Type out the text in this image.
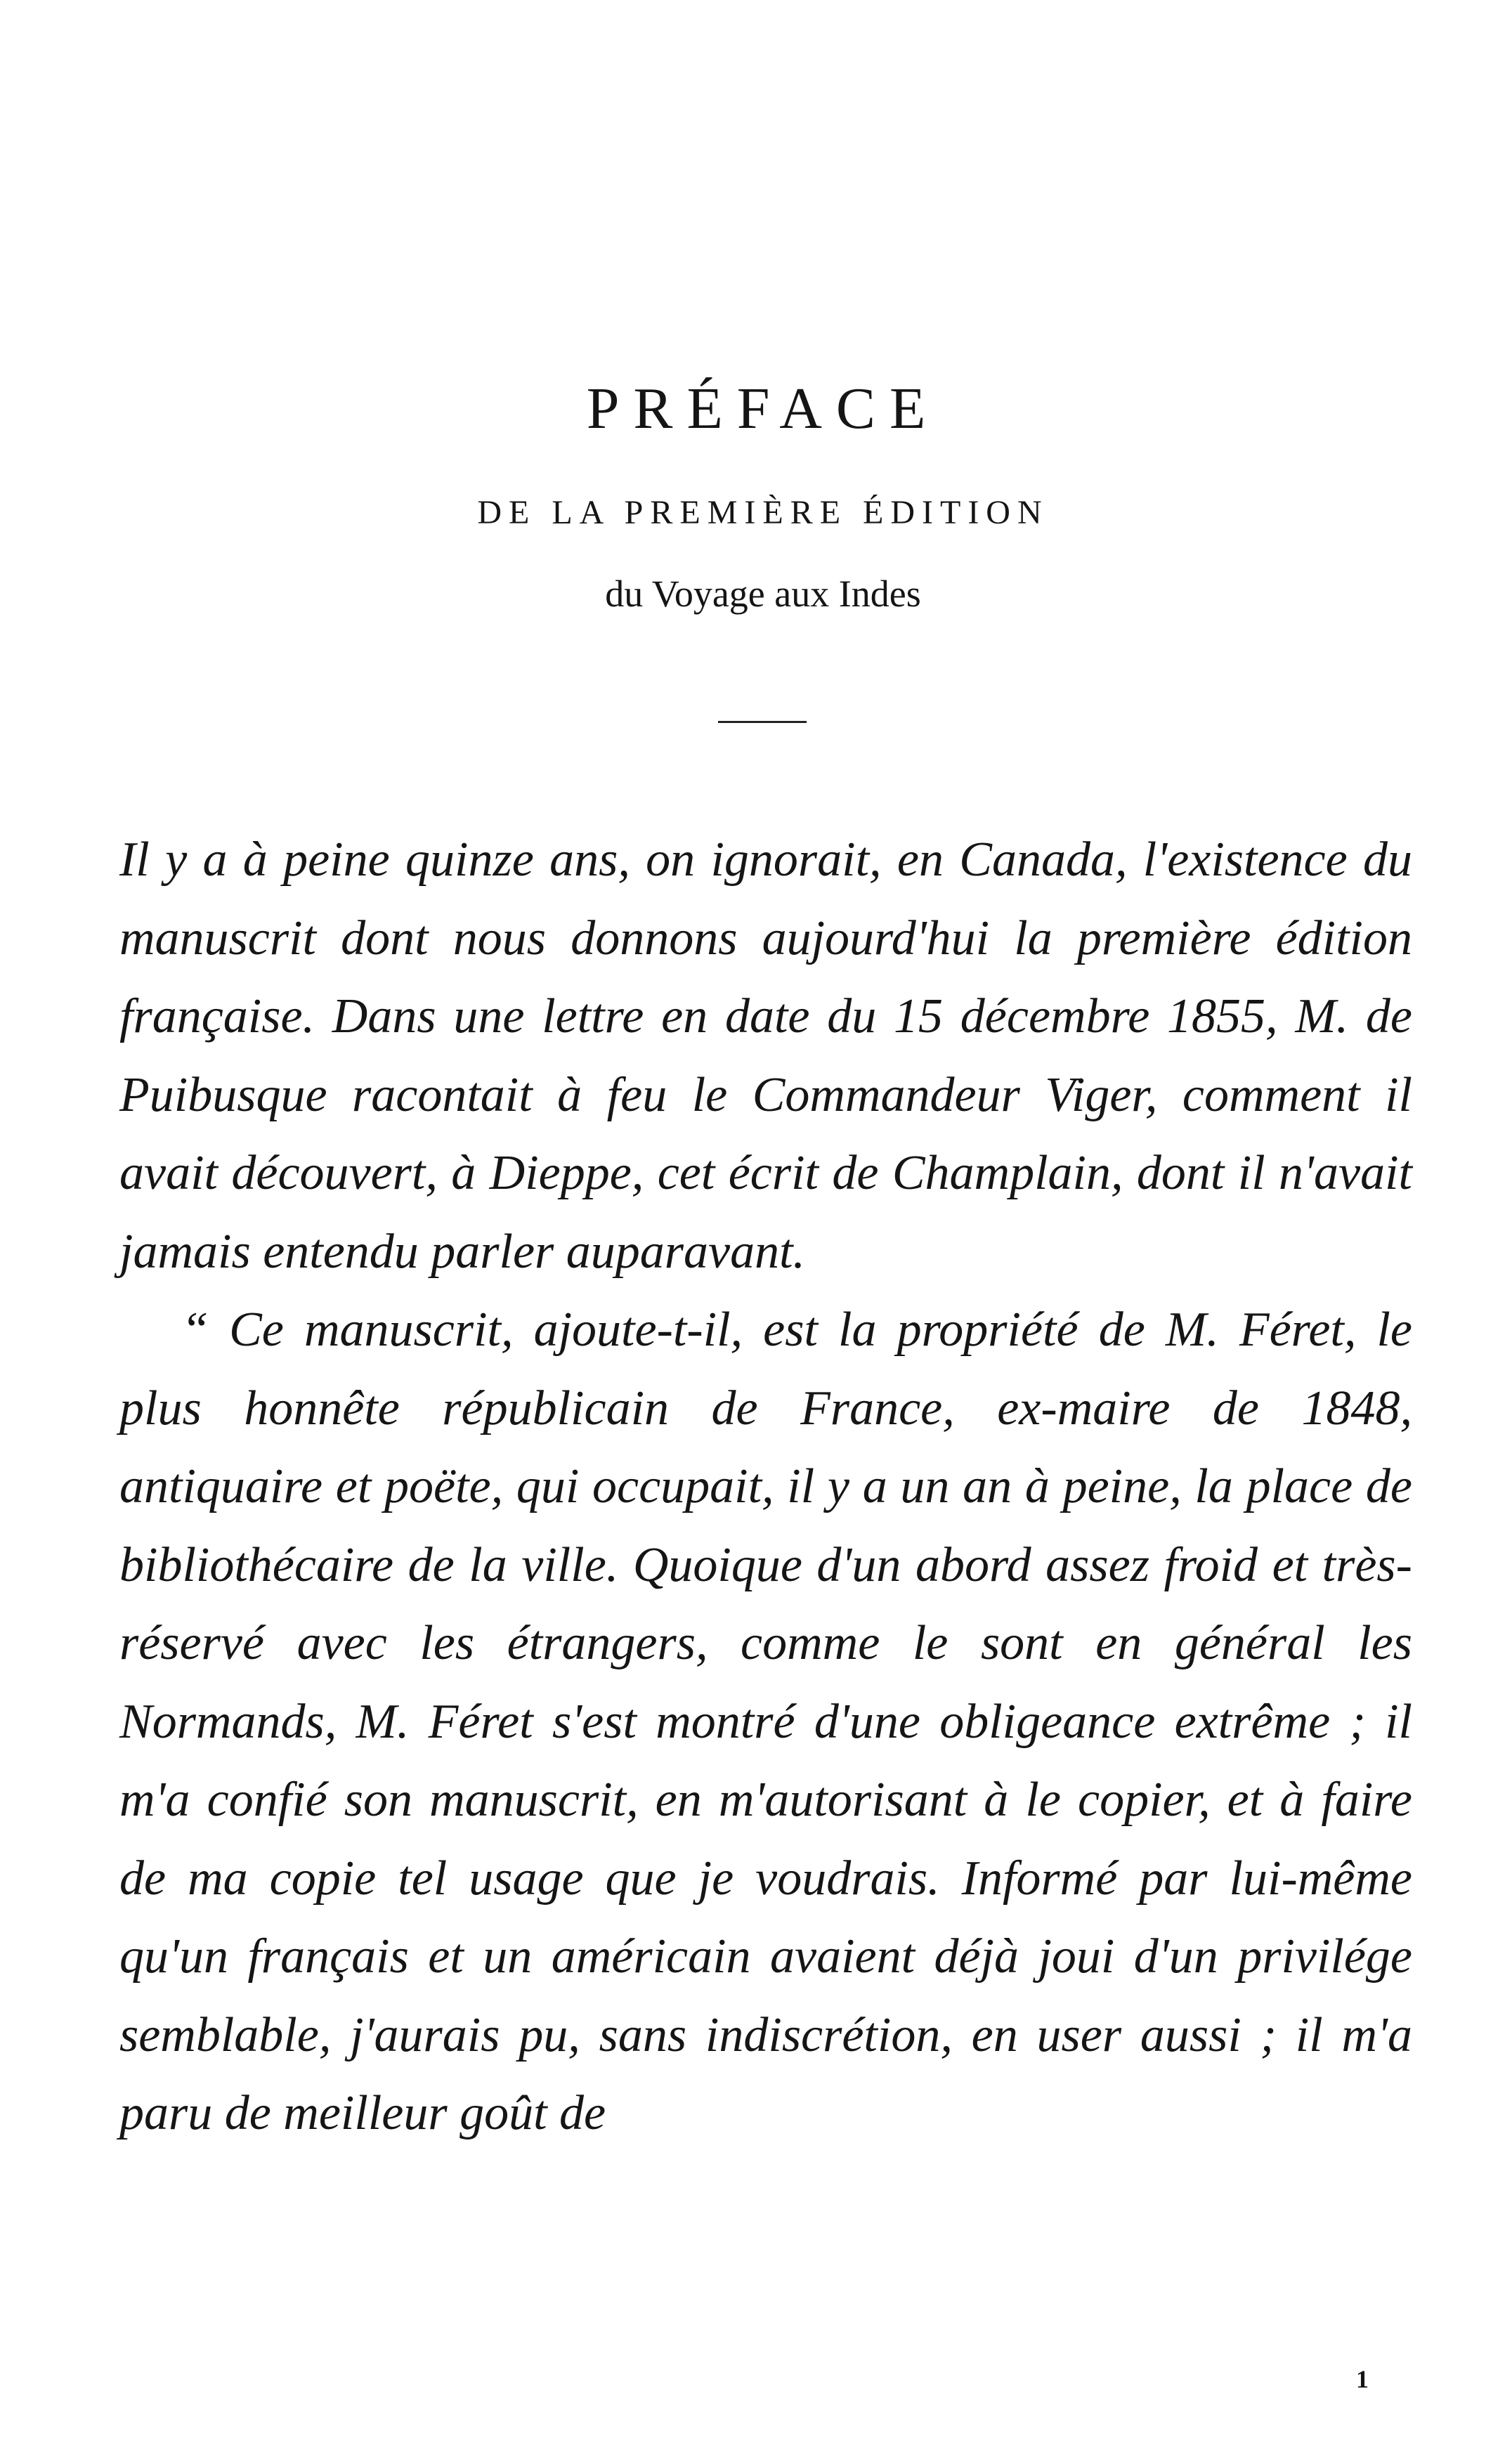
PRÉFACE
DE LA PREMIÈRE ÉDITION
du Voyage aux Indes

Il y a à peine quinze ans, on ignorait, en Canada, l'existence du manuscrit dont nous donnons aujourd'hui la première édition française. Dans une lettre en date du 15 décembre 1855, M. de Puibusque racontait à feu le Commandeur Viger, comment il avait découvert, à Dieppe, cet écrit de Champlain, dont il n'avait jamais entendu parler auparavant.

“ Ce manuscrit, ajoute-t-il, est la propriété de M. Féret, le plus honnête républicain de France, ex-maire de 1848, antiquaire et poëte, qui occupait, il y a un an à peine, la place de bibliothécaire de la ville. Quoique d'un abord assez froid et très-réservé avec les étrangers, comme le sont en général les Normands, M. Féret s'est montré d'une obligeance extrême ; il m'a confié son manuscrit, en m'autorisant à le copier, et à faire de ma copie tel usage que je voudrais. Informé par lui-même qu'un français et un américain avaient déjà joui d'un privilége semblable, j'aurais pu, sans indiscrétion, en user aussi ; il m'a paru de meilleur goût de

1
